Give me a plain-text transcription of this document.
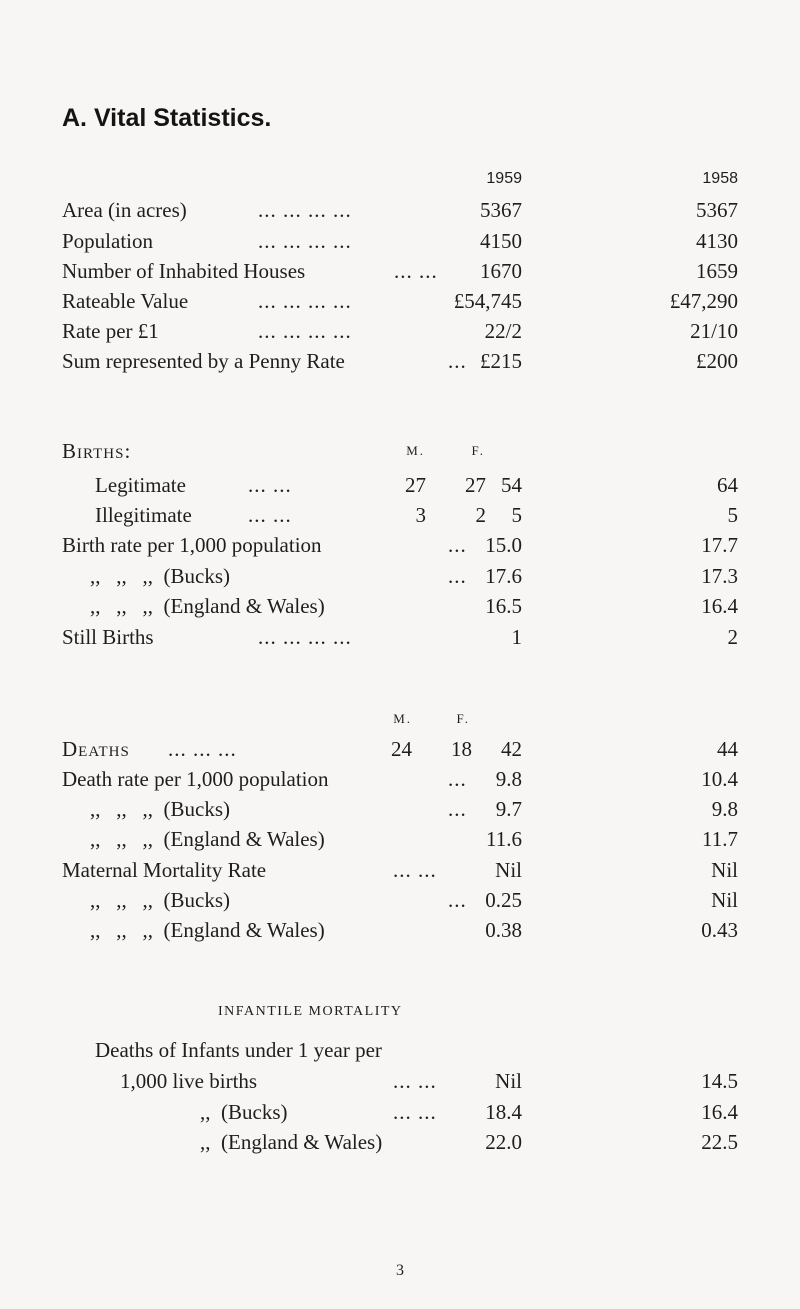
A. Vital Statistics.
1959	1958
Area (in acres)	... ... ... ...	5367	5367
Population	... ... ... ...	4150	4130
Number of Inhabited Houses	... ...	1670	1659
Rateable Value	... ... ... ...	£54,745	£47,290
Rate per £1	... ... ... ...	22/2	21/10
Sum represented by a Penny Rate	... £215	£200
Births:	M.	F.
Legitimate	... ...	27	27 54	64
Illegitimate	... ...	3	2	5	5
Birth rate per 1,000 population	... 15.0	17.7
,,   ,,   ,,  (Bucks)	... 17.6	17.3
,,   ,,   ,,  (England & Wales)	16.5	16.4
Still Births	... ... ... ...	1	2
M.	F.
Deaths ... ... ...	24	18	42	44
Death rate per 1,000 population	...	9.8	10.4
,,   ,,   ,,  (Bucks)	...	9.7	9.8
,,   ,,   ,,  (England & Wales)	11.6	11.7
Maternal Mortality Rate	... ...	Nil	Nil
,,   ,,   ,,  (Bucks)	... 0.25	Nil
,,   ,,   ,,  (England & Wales)	0.38	0.43
INFANTILE MORTALITY
Deaths of Infants under 1 year per
1,000 live births	... ...	Nil	14.5
,,  (Bucks)	... ...	18.4	16.4
,,  (England & Wales)	22.0	22.5
3
